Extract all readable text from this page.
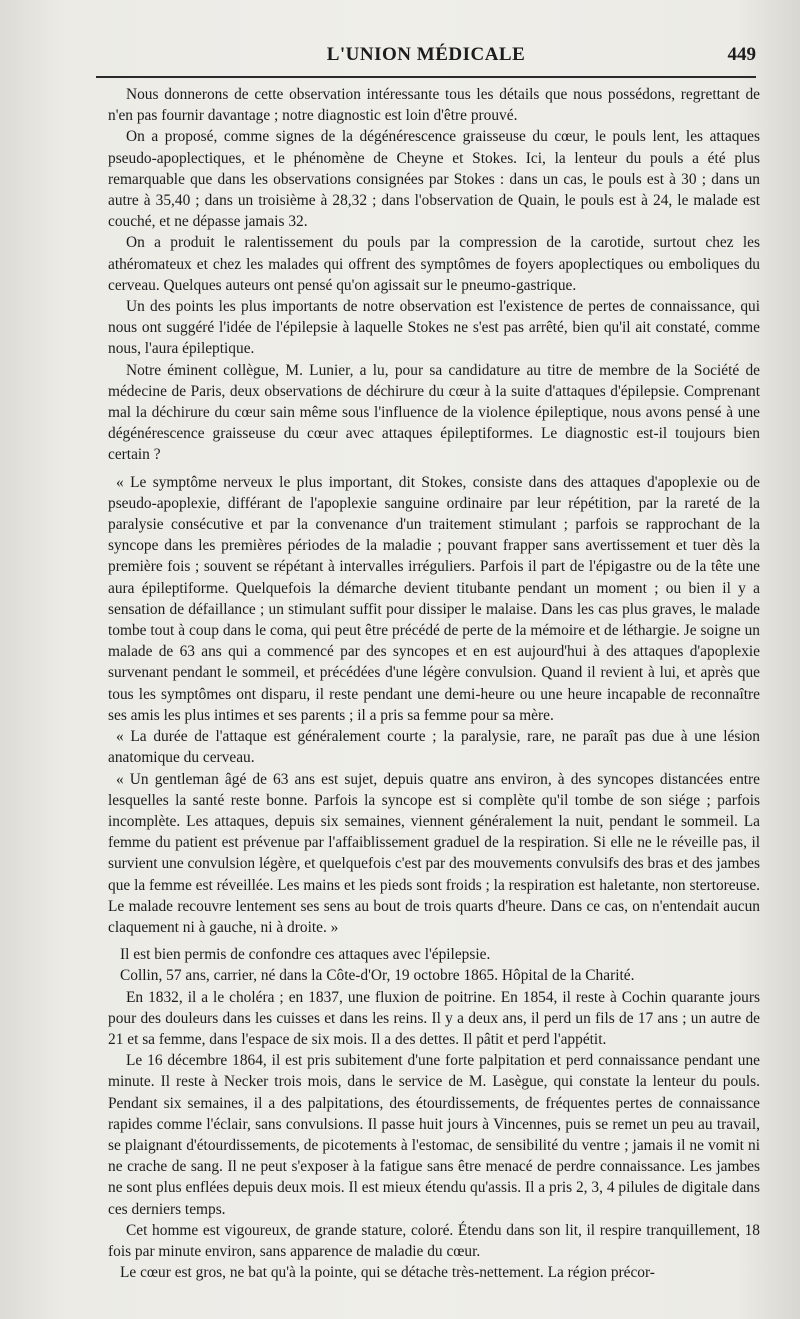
L'UNION MÉDICALE	449

Nous donnerons de cette observation intéressante tous les détails que nous possédons, regrettant de n'en pas fournir davantage ; notre diagnostic est loin d'être prouvé.

On a proposé, comme signes de la dégénérescence graisseuse du cœur, le pouls lent, les attaques pseudo-apoplectiques, et le phénomène de Cheyne et Stokes. Ici, la lenteur du pouls a été plus remarquable que dans les observations consignées par Stokes : dans un cas, le pouls est à 30 ; dans un autre à 35,40 ; dans un troisième à 28,32 ; dans l'observation de Quain, le pouls est à 24, le malade est couché, et ne dépasse jamais 32.

On a produit le ralentissement du pouls par la compression de la carotide, surtout chez les athéromateux et chez les malades qui offrent des symptômes de foyers apoplectiques ou emboliques du cerveau. Quelques auteurs ont pensé qu'on agissait sur le pneumo-gastrique.

Un des points les plus importants de notre observation est l'existence de pertes de connaissance, qui nous ont suggéré l'idée de l'épilepsie à laquelle Stokes ne s'est pas arrêté, bien qu'il ait constaté, comme nous, l'aura épileptique.

Notre éminent collègue, M. Lunier, a lu, pour sa candidature au titre de membre de la Société de médecine de Paris, deux observations de déchirure du cœur à la suite d'attaques d'épilepsie. Comprenant mal la déchirure du cœur sain même sous l'influence de la violence épileptique, nous avons pensé à une dégénérescence graisseuse du cœur avec attaques épileptiformes. Le diagnostic est-il toujours bien certain ?

« Le symptôme nerveux le plus important, dit Stokes, consiste dans des attaques d'apoplexie ou de pseudo-apoplexie, différant de l'apoplexie sanguine ordinaire par leur répétition, par la rareté de la paralysie consécutive et par la convenance d'un traitement stimulant ; parfois se rapprochant de la syncope dans les premières périodes de la maladie ; pouvant frapper sans avertissement et tuer dès la première fois ; souvent se répétant à intervalles irréguliers. Parfois il part de l'épigastre ou de la tête une aura épileptiforme. Quelquefois la démarche devient titubante pendant un moment ; ou bien il y a sensation de défaillance ; un stimulant suffit pour dissiper le malaise. Dans les cas plus graves, le malade tombe tout à coup dans le coma, qui peut être précédé de perte de la mémoire et de léthargie. Je soigne un malade de 63 ans qui a commencé par des syncopes et en est aujourd'hui à des attaques d'apoplexie survenant pendant le sommeil, et précédées d'une légère convulsion. Quand il revient à lui, et après que tous les symptômes ont disparu, il reste pendant une demi-heure ou une heure incapable de reconnaître ses amis les plus intimes et ses parents ; il a pris sa femme pour sa mère.

« La durée de l'attaque est généralement courte ; la paralysie, rare, ne paraît pas due à une lésion anatomique du cerveau.

« Un gentleman âgé de 63 ans est sujet, depuis quatre ans environ, à des syncopes distancées entre lesquelles la santé reste bonne. Parfois la syncope est si complète qu'il tombe de son siége ; parfois incomplète. Les attaques, depuis six semaines, viennent généralement la nuit, pendant le sommeil. La femme du patient est prévenue par l'affaiblissement graduel de la respiration. Si elle ne le réveille pas, il survient une convulsion légère, et quelquefois c'est par des mouvements convulsifs des bras et des jambes que la femme est réveillée. Les mains et les pieds sont froids ; la respiration est haletante, non stertoreuse. Le malade recouvre lentement ses sens au bout de trois quarts d'heure. Dans ce cas, on n'entendait aucun claquement ni à gauche, ni à droite. »

Il est bien permis de confondre ces attaques avec l'épilepsie.

Collin, 57 ans, carrier, né dans la Côte-d'Or, 19 octobre 1865. Hôpital de la Charité.

En 1832, il a le choléra ; en 1837, une fluxion de poitrine. En 1854, il reste à Cochin quarante jours pour des douleurs dans les cuisses et dans les reins. Il y a deux ans, il perd un fils de 17 ans ; un autre de 21 et sa femme, dans l'espace de six mois. Il a des dettes. Il pâtit et perd l'appétit.

Le 16 décembre 1864, il est pris subitement d'une forte palpitation et perd connaissance pendant une minute. Il reste à Necker trois mois, dans le service de M. Lasègue, qui constate la lenteur du pouls. Pendant six semaines, il a des palpitations, des étourdissements, de fréquentes pertes de connaissance rapides comme l'éclair, sans convulsions. Il passe huit jours à Vincennes, puis se remet un peu au travail, se plaignant d'étourdissements, de picotements à l'estomac, de sensibilité du ventre ; jamais il ne vomit ni ne crache de sang. Il ne peut s'exposer à la fatigue sans être menacé de perdre connaissance. Les jambes ne sont plus enflées depuis deux mois. Il est mieux étendu qu'assis. Il a pris 2, 3, 4 pilules de digitale dans ces derniers temps.

Cet homme est vigoureux, de grande stature, coloré. Étendu dans son lit, il respire tranquillement, 18 fois par minute environ, sans apparence de maladie du cœur.

Le cœur est gros, ne bat qu'à la pointe, qui se détache très-nettement. La région précor-
